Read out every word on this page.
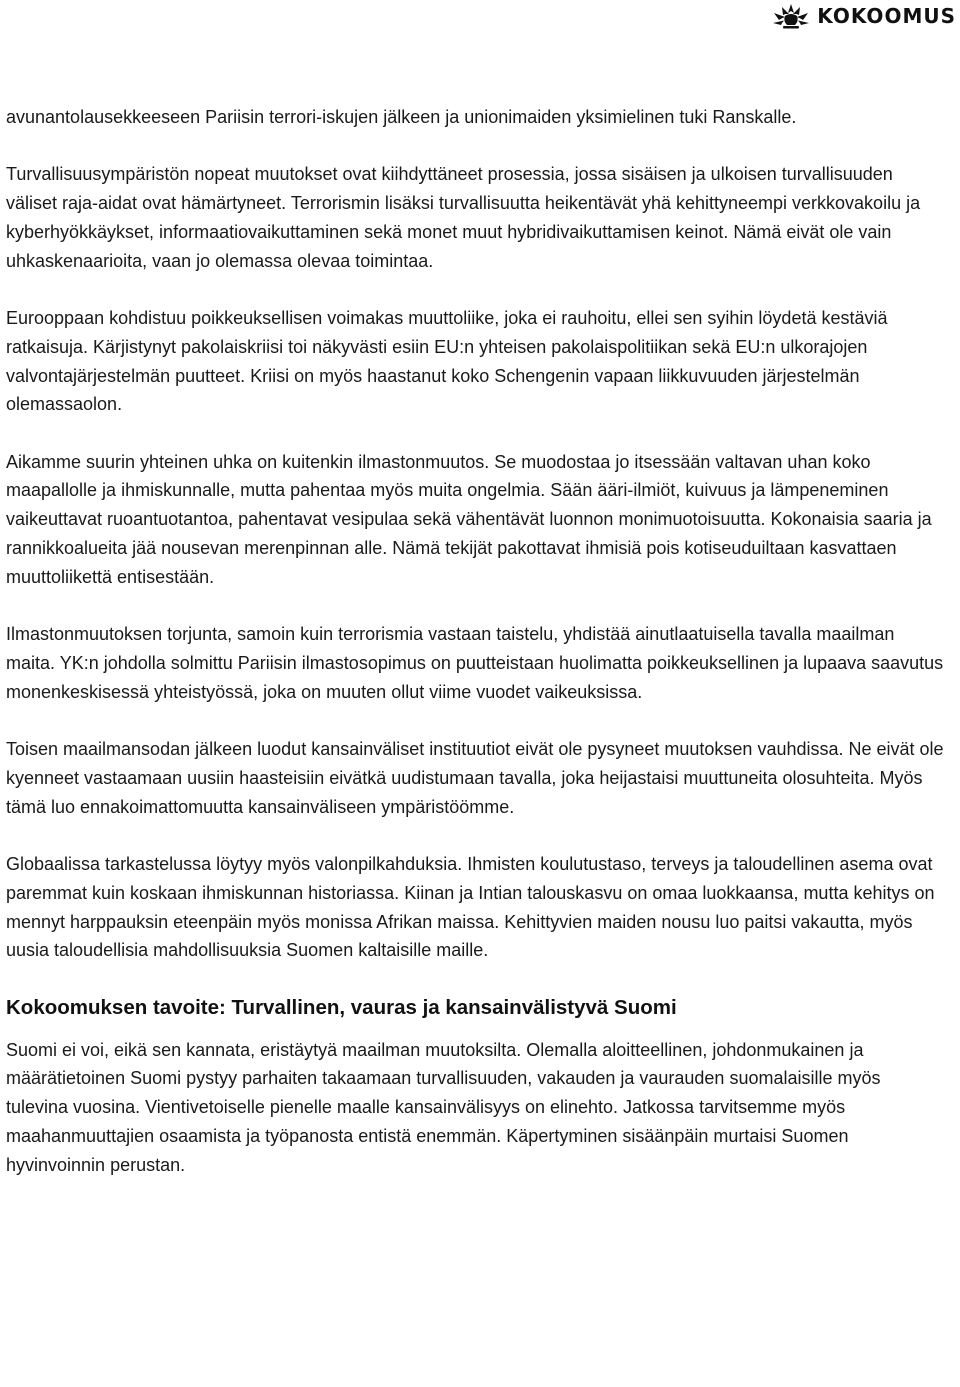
KOKOOMUS

avunantolausekkeeseen Pariisin terrori-iskujen jälkeen ja unionimaiden yksimielinen tuki Ranskalle.

Turvallisuusympäristön nopeat muutokset ovat kiihdyttäneet prosessia, jossa sisäisen ja ulkoisen turvallisuuden väliset raja-aidat ovat hämärtyneet. Terrorismin lisäksi turvallisuutta heikentävät yhä kehittyneempi verkkovakoilu ja kyberhyökkäykset, informaatiovaikuttaminen sekä monet muut hybridivaikuttamisen keinot. Nämä eivät ole vain uhkaskenaarioita, vaan jo olemassa olevaa toimintaa.

Eurooppaan kohdistuu poikkeuksellisen voimakas muuttoliike, joka ei rauhoitu, ellei sen syihin löydetä kestäviä ratkaisuja. Kärjistynyt pakolaiskriisi toi näkyvästi esiin EU:n yhteisen pakolaispolitiikan sekä EU:n ulkorajojen valvontajärjestelmän puutteet. Kriisi on myös haastanut koko Schengenin vapaan liikkuvuuden järjestelmän olemassaolon.

Aikamme suurin yhteinen uhka on kuitenkin ilmastonmuutos. Se muodostaa jo itsessään valtavan uhan koko maapallolle ja ihmiskunnalle, mutta pahentaa myös muita ongelmia. Sään ääri-ilmiöt, kuivuus ja lämpeneminen vaikeuttavat ruoantuotantoa, pahentavat vesipulaa sekä vähentävät luonnon monimuotoisuutta. Kokonaisia saaria ja rannikkoalueita jää nousevan merenpinnan alle. Nämä tekijät pakottavat ihmisiä pois kotiseuduiltaan kasvattaen muuttoliikettä entisestään.

Ilmastonmuutoksen torjunta, samoin kuin terrorismia vastaan taistelu, yhdistää ainutlaatuisella tavalla maailman maita. YK:n johdolla solmittu Pariisin ilmastosopimus on puutteistaan huolimatta poikkeuksellinen ja lupaava saavutus monenkeskisessä yhteistyössä, joka on muuten ollut viime vuodet vaikeuksissa.

Toisen maailmansodan jälkeen luodut kansainväliset instituutiot eivät ole pysyneet muutoksen vauhdissa. Ne eivät ole kyenneet vastaamaan uusiin haasteisiin eivätkä uudistumaan tavalla, joka heijastaisi muuttuneita olosuhteita. Myös tämä luo ennakoimattomuutta kansainväliseen ympäristöömme.

Globaalissa tarkastelussa löytyy myös valonpilkahduksia. Ihmisten koulutustaso, terveys ja taloudellinen asema ovat paremmat kuin koskaan ihmiskunnan historiassa. Kiinan ja Intian talouskasvu on omaa luokkaansa, mutta kehitys on mennyt harppauksin eteenpäin myös monissa Afrikan maissa. Kehittyvien maiden nousu luo paitsi vakautta, myös uusia taloudellisia mahdollisuuksia Suomen kaltaisille maille.

Kokoomuksen tavoite: Turvallinen, vauras ja kansainvälistyvä Suomi

Suomi ei voi, eikä sen kannata, eristäytyä maailman muutoksilta. Olemalla aloitteellinen, johdonmukainen ja määrätietoinen Suomi pystyy parhaiten takaamaan turvallisuuden, vakauden ja vaurauden suomalaisille myös tulevina vuosina. Vientivetoiselle pienelle maalle kansainvälisyys on elinehto. Jatkossa tarvitsemme myös maahanmuuttajien osaamista ja työpanosta entistä enemmän. Käpertyminen sisäänpäin murtaisi Suomen hyvinvoinnin perustan.
